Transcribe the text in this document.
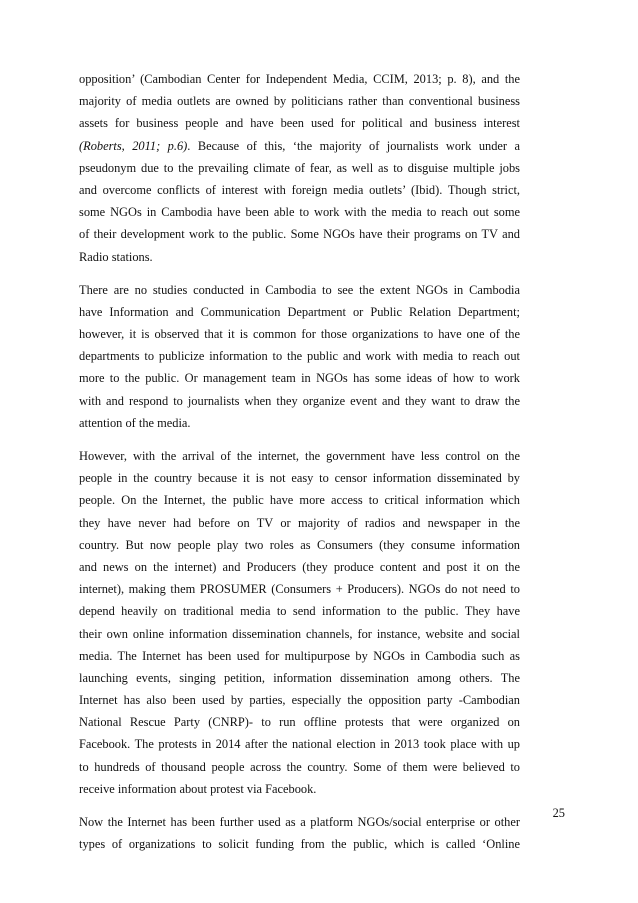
opposition’ (Cambodian Center for Independent Media, CCIM, 2013; p. 8), and the
majority of media outlets are owned by politicians rather than conventional business
assets for business people and have been used for political and business interest
(Roberts, 2011; p.6). Because of this, ‘the majority of journalists work under a
pseudonym due to the prevailing climate of fear, as well as to disguise multiple jobs
and overcome conflicts of interest with foreign media outlets’ (Ibid). Though strict,
some NGOs in Cambodia have been able to work with the media to reach out some
of their development work to the public. Some NGOs have their programs on TV and
Radio stations.
There are no studies conducted in Cambodia to see the extent NGOs in Cambodia
have Information and Communication Department or Public Relation Department;
however, it is observed that it is common for those organizations to have one of the
departments to publicize information to the public and work with media to reach out
more to the public. Or management team in NGOs has some ideas of how to work
with and respond to journalists when they organize event and they want to draw the
attention of the media.
However, with the arrival of the internet, the government have less control on the
people in the country because it is not easy to censor information disseminated by
people. On the Internet, the public have more access to critical information which
they have never had before on TV or majority of radios and newspaper in the
country. But now people play two roles as Consumers (they consume information
and news on the internet) and Producers (they produce content and post it on the
internet), making them PROSUMER (Consumers + Producers). NGOs do not need to
depend heavily on traditional media to send information to the public. They have
their own online information dissemination channels, for instance, website and social
media. The Internet has been used for multipurpose by NGOs in Cambodia such as
launching events, singing petition, information dissemination among others. The
Internet has also been used by parties, especially the opposition party -Cambodian
National Rescue Party (CNRP)- to run offline protests that were organized on
Facebook. The protests in 2014 after the national election in 2013 took place with up
to hundreds of thousand people across the country. Some of them were believed to
receive information about protest via Facebook.
Now the Internet has been further used as a platform NGOs/social enterprise or other
types of organizations to solicit funding from the public, which is called ‘Online
25
